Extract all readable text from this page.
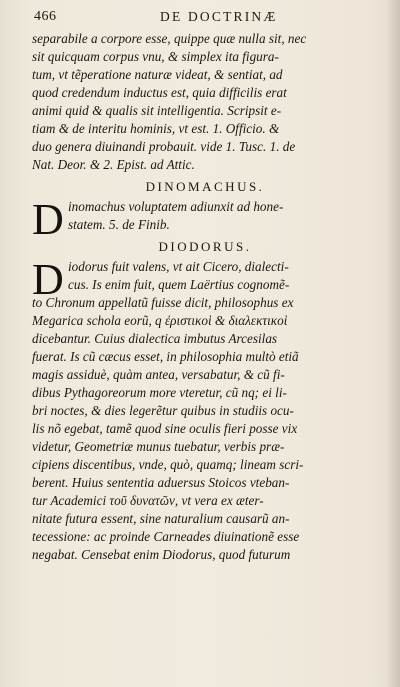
466	DE DOCTRINÆ
separabile a corpore esse, quippe quæ nulla sit, nec
sit quicquam corpus vnu, & simplex ita figura-
tum, vt tẽperatione naturæ videat, & sentiat, ad
quod credendum inductus est, quia difficilis erat
animi quid & qualis sit intelligentia. Scripsit e-
tiam & de interitu hominis, vt est. 1. Officio. &
duo genera diuinandi probauit. vide 1. Tusc. 1. de
Nat. Deor. & 2. Epist. ad Attic.
DINOMACHUS.
D inomachus voluptatem adiunxit ad hone-
statem. 5. de Finib.
DIODORUS.
D iodorus fuit valens, vt ait Cicero, dialecti-
cus. Is enim fuit, quem Laërtius cognomẽ-
to Chronum appellatũ fuisse dicit, philosophus ex
Megarica schola eorũ, q ἐριστικοὶ & διαλεκτικοὶ
dicebantur. Cuius dialectica imbutus Arcesilas
fuerat. Is cũ cæcus esset, in philosophia multò etiã
magis assiduè, quàm antea, versabatur, & cũ fi-
dibus Pythagoreorum more vteretur, cũ nq; ei li-
bri noctes, & dies legerẽtur quibus in studiis ocu-
lis nõ egebat, tamẽ quod sine oculis fieri posse vix
videtur, Geometriæ munus tuebatur, verbis præ-
cipiens discentibus, vnde, quò, quamq; lineam scri-
berent. Huius sententia aduersus Stoicos vteban-
tur Academici τοῦ δυνατῶν, vt vera ex æter-
nitate futura essent, sine naturalium causarũ an-
tecessione: ac proinde Carneades diuinationẽ esse
negabat. Censebat enim Diodorus, quod futurum
